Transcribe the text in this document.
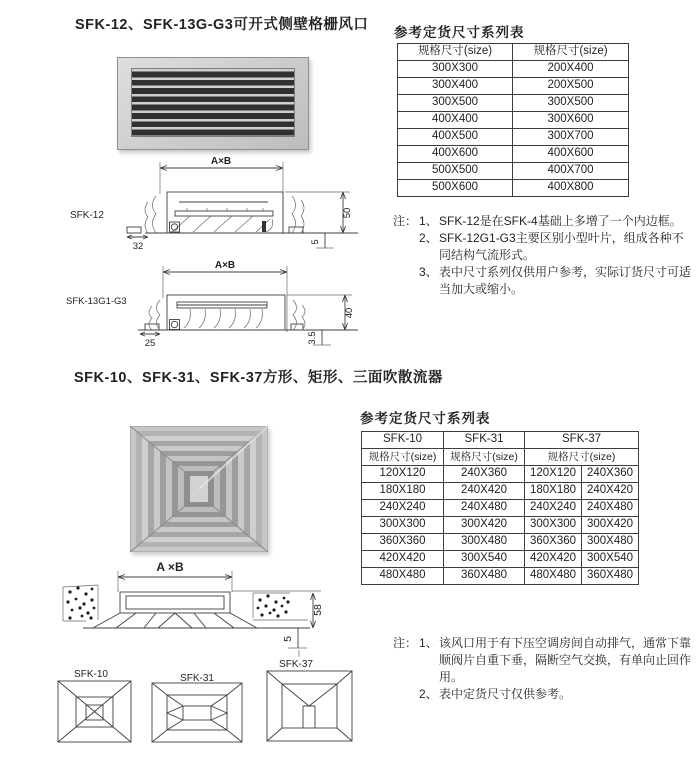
SFK-12、SFK-13G-G3可开式侧壁格栅风口
A×B
50
5
32
SFK-12
A×B
40
3.5
25
SFK-13G1-G3
参考定货尺寸系列表
规格尺寸(size)	规格尺寸(size)
300X300	200X400
300X400	200X500
300X500	300X500
400X400	300X600
400X500	300X700
400X600	400X600
500X500	400X700
500X600	400X800
注： 1、 SFK-12是在SFK-4基础上多增了一个内边框。
2、 SFK-12G1-G3主要区别小型叶片，组成各种不同结构气流形式。
3、 表中尺寸系列仅供用户参考，实际订货尺寸可适当加大或缩小。
SFK-10、SFK-31、SFK-37方形、矩形、三面吹散流器
参考定货尺寸系列表
SFK-10	SFK-31	SFK-37	
规格尺寸(size)	规格尺寸(size)	规格尺寸(size)	
120X120	240X360	120X120	240X360
180X180	240X420	180X180	240X420
240X240	240X480	240X240	240X480
300X300	300X420	300X300	300X420
360X360	300X480	360X360	300X480
420X420	300X540	420X420	300X540
480X480	360X480	480X480	360X480
A ×B
58
5
SFK-10	SFK-31
SFK-37
注： 1、 该风口用于有下压空调房间自动排气，通常下靠顺阀片自重下垂，隔断空气交换，有单向止回作用。
2、 表中定货尺寸仅供参考。
